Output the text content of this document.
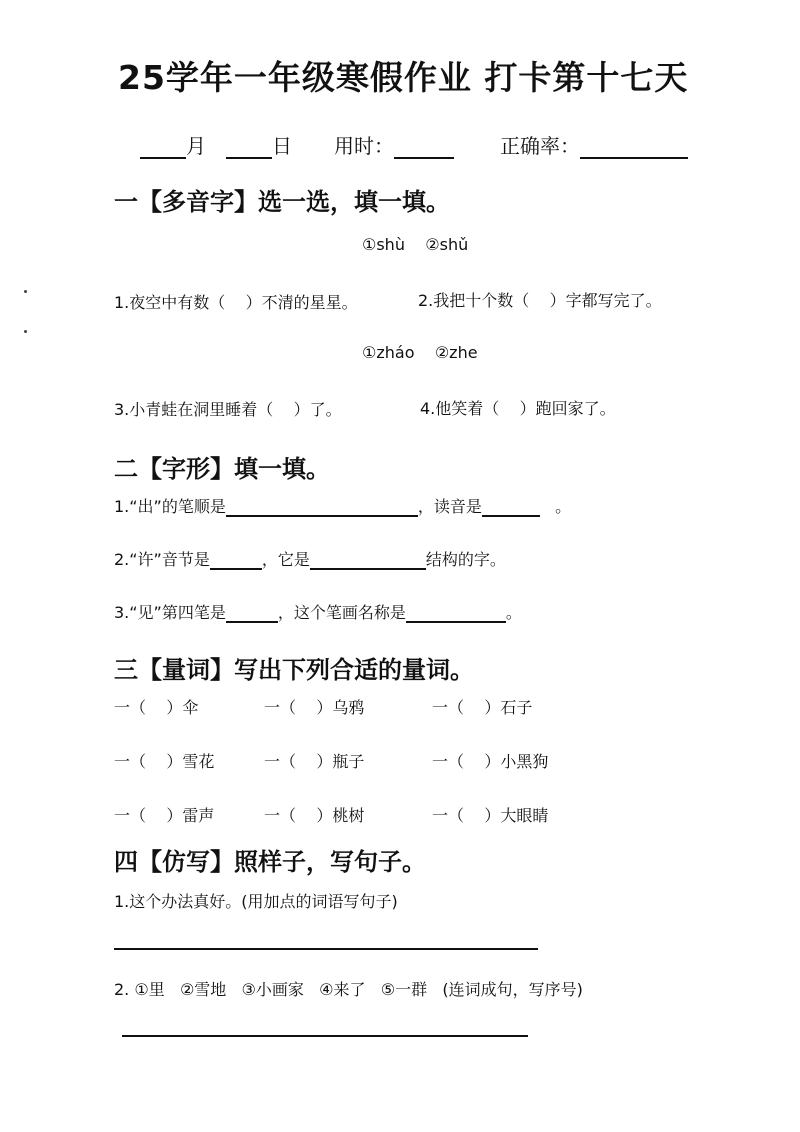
25学年一年级寒假作业 打卡第十七天
月	日 用时：	正确率：
一【多音字】选一选，填一填。
①shù    ②shǔ
1.夜空中有数（    ）不清的星星。	2.我把十个数（    ）字都写完了。
①zháo    ②zhe
3.小青蛙在洞里睡着（    ）了。	4.他笑着（    ）跑回家了。
二【字形】填一填。
1.“出”的笔顺是	，读音是	。
2.“许”音节是	，它是	结构的字。
3.“见”第四笔是	，这个笔画名称是	。
三【量词】写出下列合适的量词。
一（    ）伞	一（    ）乌鸦	一（    ）石子
一（    ）雪花	一（    ）瓶子	一（    ）小黑狗
一（    ）雷声	一（    ）桃树	一（    ）大眼睛
四【仿写】照样子，写句子。
1.这个办法真好。(用加点的词语写句子)
2. ①里   ②雪地   ③小画家   ④来了   ⑤一群   (连词成句，写序号)
